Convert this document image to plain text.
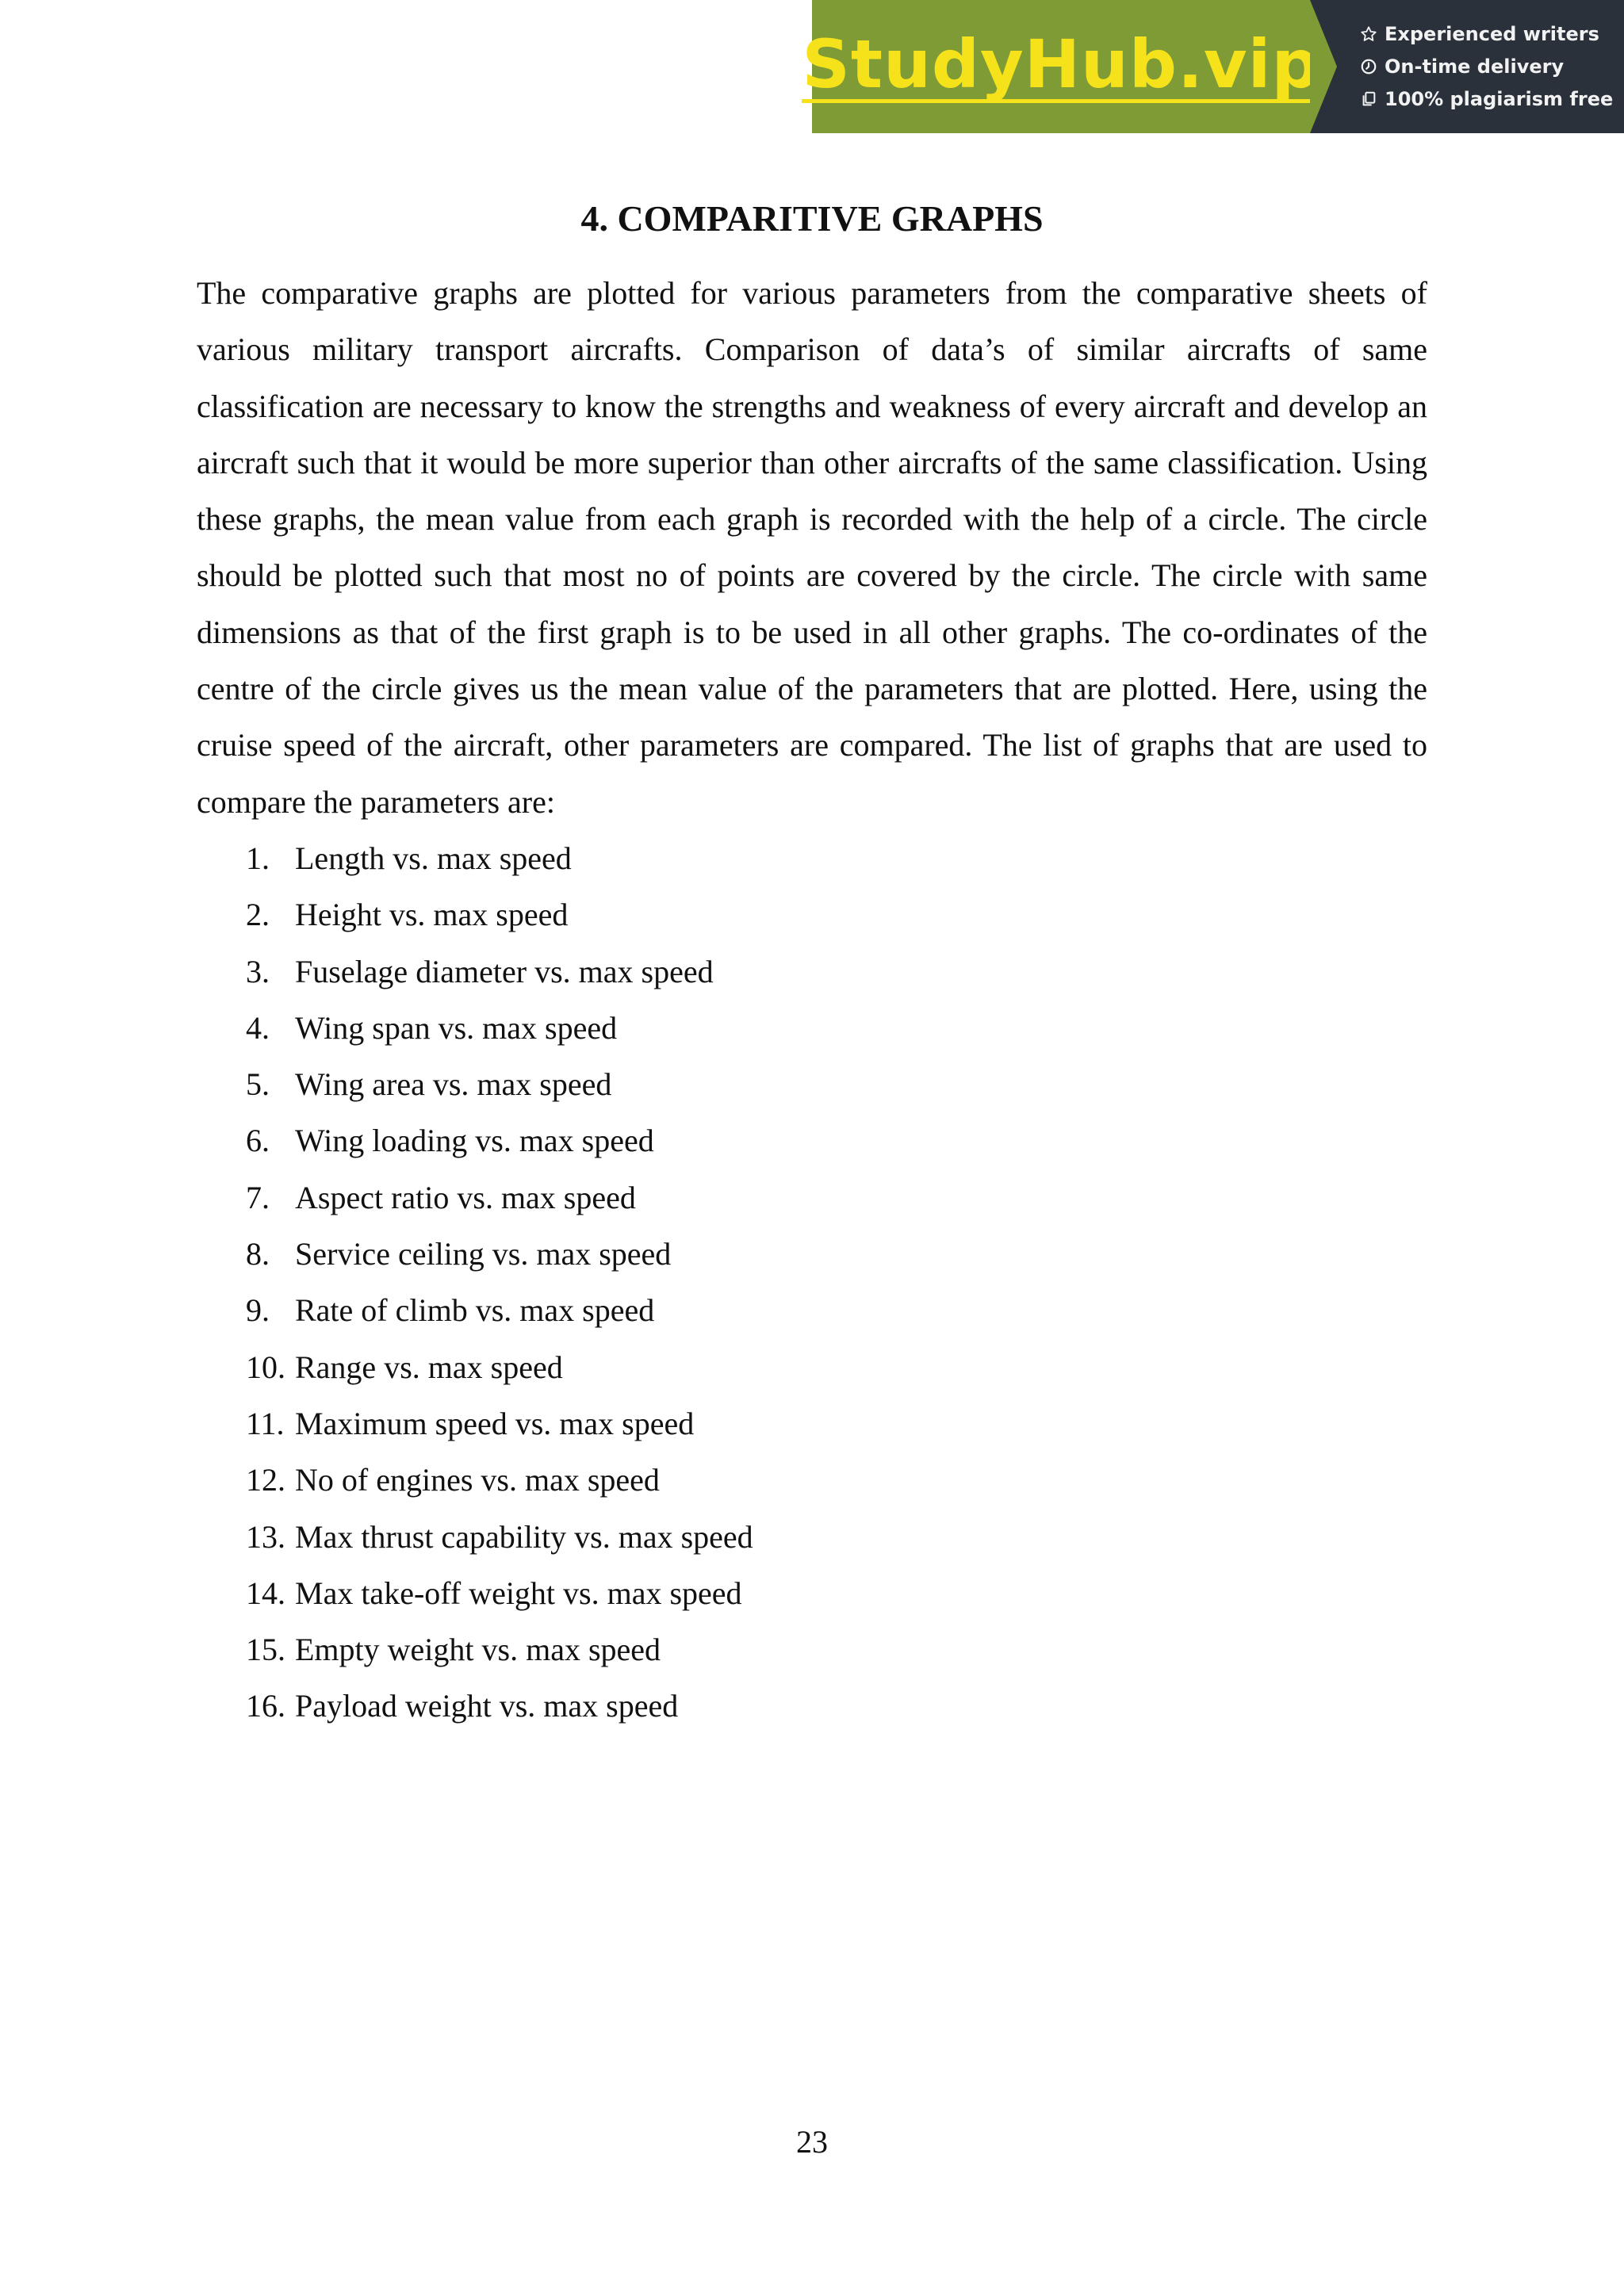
StudyHub.vip	Experienced writers
On-time delivery
100% plagiarism free
4. COMPARITIVE GRAPHS

The comparative graphs are plotted for various parameters from the comparative sheets of various military transport aircrafts. Comparison of data’s of similar aircrafts of same classification are necessary to know the strengths and weakness of every aircraft and develop an aircraft such that it would be more superior than other aircrafts of the same classification. Using these graphs, the mean value from each graph is recorded with the help of a circle. The circle should be plotted such that most no of points are covered by the circle. The circle with same dimensions as that of the first graph is to be used in all other graphs. The co-ordinates of the centre of the circle gives us the mean value of the parameters that are plotted. Here, using the cruise speed of the aircraft, other parameters are compared. The list of graphs that are used to compare the parameters are:

1. Length vs. max speed
2. Height vs. max speed
3. Fuselage diameter vs. max speed
4. Wing span vs. max speed
5. Wing area vs. max speed
6. Wing loading vs. max speed
7. Aspect ratio vs. max speed
8. Service ceiling vs. max speed
9. Rate of climb vs. max speed
10. Range vs. max speed
11. Maximum speed vs. max speed
12. No of engines vs. max speed
13. Max thrust capability vs. max speed
14. Max take-off weight vs. max speed
15. Empty weight vs. max speed
16. Payload weight vs. max speed
23
